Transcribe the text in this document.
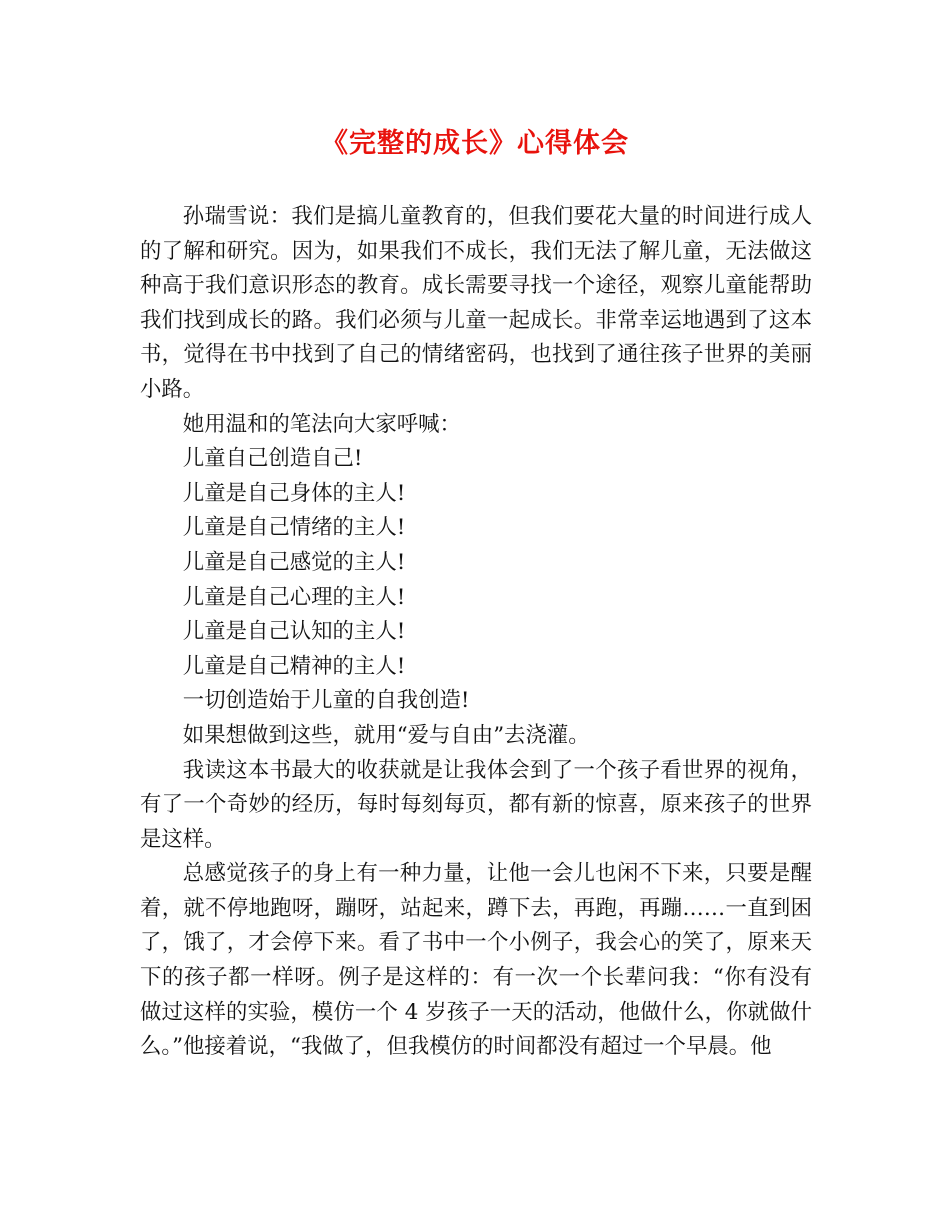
《完整的成长》心得体会

孙瑞雪说：我们是搞儿童教育的，但我们要花大量的时间进行成人的了解和研究。因为，如果我们不成长，我们无法了解儿童，无法做这种高于我们意识形态的教育。成长需要寻找一个途径，观察儿童能帮助我们找到成长的路。我们必须与儿童一起成长。非常幸运地遇到了这本书，觉得在书中找到了自己的情绪密码，也找到了通往孩子世界的美丽小路。

她用温和的笔法向大家呼喊：

儿童自己创造自己!

儿童是自己身体的主人!

儿童是自己情绪的主人!

儿童是自己感觉的主人!

儿童是自己心理的主人!

儿童是自己认知的主人!

儿童是自己精神的主人!

一切创造始于儿童的自我创造!

如果想做到这些，就用“爱与自由”去浇灌。

我读这本书最大的收获就是让我体会到了一个孩子看世界的视角，有了一个奇妙的经历，每时每刻每页，都有新的惊喜，原来孩子的世界是这样。

总感觉孩子的身上有一种力量，让他一会儿也闲不下来，只要是醒着，就不停地跑呀，蹦呀，站起来，蹲下去，再跑，再蹦……一直到困了，饿了，才会停下来。看了书中一个小例子，我会心的笑了，原来天下的孩子都一样呀。例子是这样的：有一次一个长辈问我：“你有没有做过这样的实验，模仿一个 4 岁孩子一天的活动，他做什么，你就做什么。”他接着说，“我做了，但我模仿的时间都没有超过一个早晨。他
